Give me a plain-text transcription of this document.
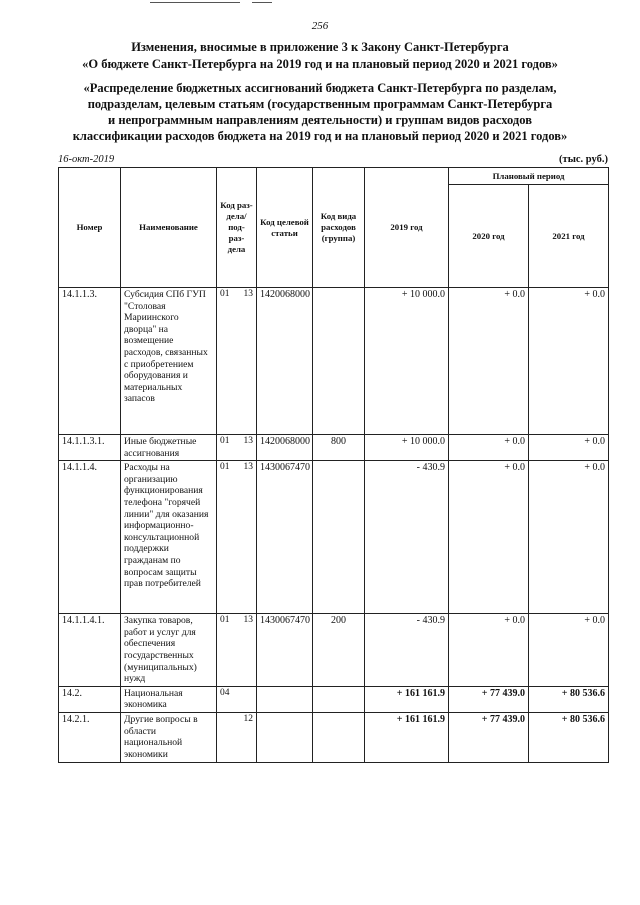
256
Изменения, вносимые в приложение 3 к Закону Санкт-Петербурга
«О бюджете Санкт-Петербурга на 2019 год и на плановый период 2020 и 2021 годов»
«Распределение бюджетных ассигнований бюджета Санкт-Петербурга по разделам,
подразделам, целевым статьям (государственным программам Санкт-Петербурга
и непрограммным направлениям деятельности) и группам видов расходов
классификации расходов бюджета на 2019 год и на плановый период 2020 и 2021 годов»
16-окт-2019	(тыс. руб.)
Номер	Наименование	Код раз- дела/ под- раз- дела	Код целевой статьи	Код вида расходов (группа)	2019 год	Плановый период	
						2020 год	2021 год
14.1.1.3.	Субсидия СПб ГУП "Столовая Мариинского дворца" на возмещение расходов, связанных с приобретением оборудования и материальных запасов	01 13	1420068000		+ 10 000.0	+ 0.0	+ 0.0
14.1.1.3.1.	Иные бюджетные ассигнования	01 13	1420068000	800	+ 10 000.0	+ 0.0	+ 0.0
14.1.1.4.	Расходы на организацию функционирования телефона "горячей линии" для оказания информационно-консультационной поддержки гражданам по вопросам защиты прав потребителей	01 13	1430067470		- 430.9	+ 0.0	+ 0.0
14.1.1.4.1.	Закупка товаров, работ и услуг для обеспечения государственных (муниципальных) нужд	01 13	1430067470	200	- 430.9	+ 0.0	+ 0.0
14.2.	Национальная экономика	04			+ 161 161.9	+ 77 439.0	+ 80 536.6
14.2.1.	Другие вопросы в области национальной экономики	12			+ 161 161.9	+ 77 439.0	+ 80 536.6
